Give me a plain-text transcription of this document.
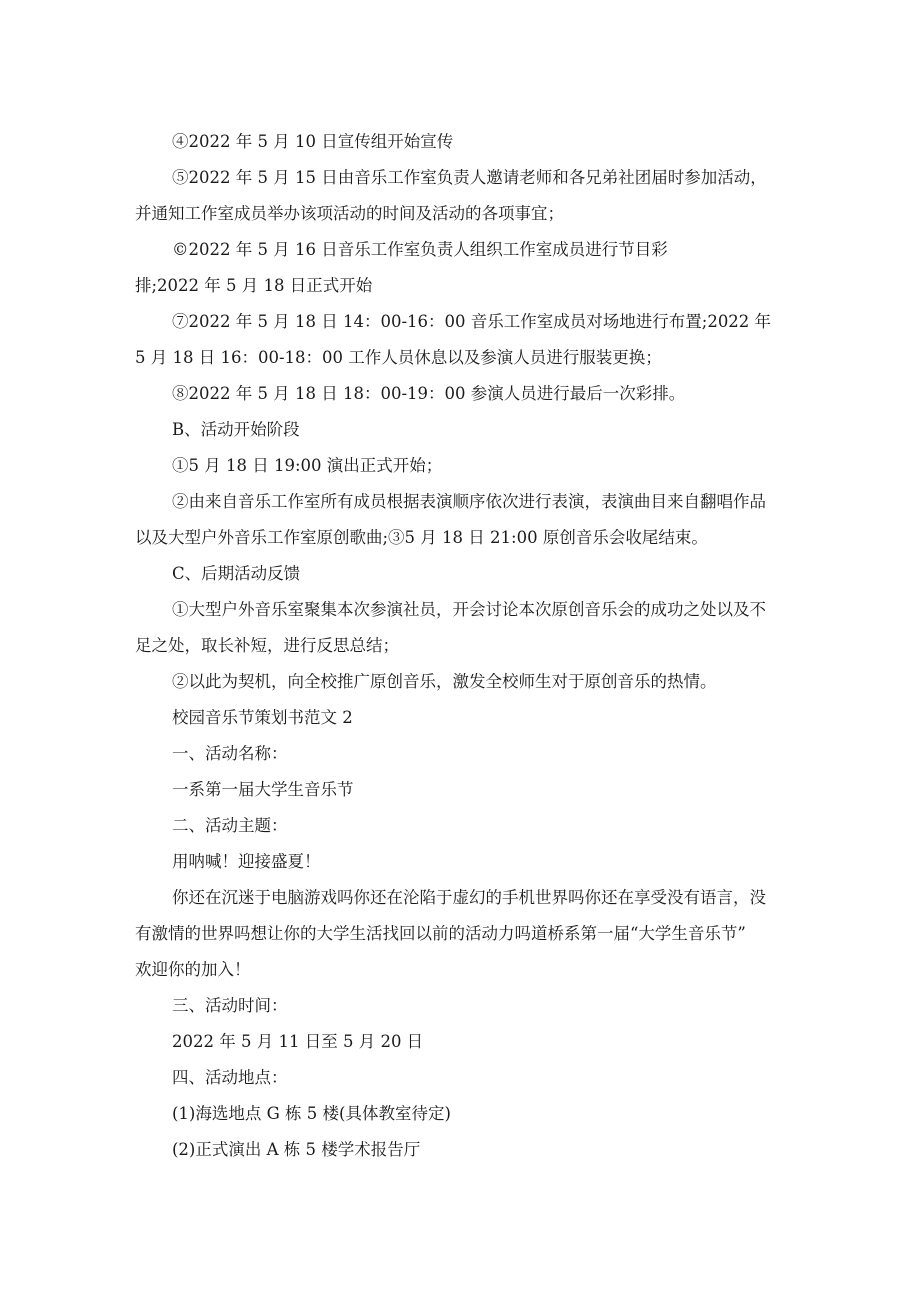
④2022 年 5 月 10 日宣传组开始宣传

⑤2022 年 5 月 15 日由音乐工作室负责人邀请老师和各兄弟社团届时参加活动，

并通知工作室成员举办该项活动的时间及活动的各项事宜；

©2022 年 5 月 16 日音乐工作室负责人组织工作室成员进行节目彩

排;2022 年 5 月 18 日正式开始

⑦2022 年 5 月 18 日 14：00-16：00 音乐工作室成员对场地进行布置;2022 年

5 月 18 日 16：00-18：00 工作人员休息以及参演人员进行服装更换；

⑧2022 年 5 月 18 日 18：00-19：00 参演人员进行最后一次彩排。

B、活动开始阶段

①5 月 18 日 19:00 演出正式开始；

②由来自音乐工作室所有成员根据表演顺序依次进行表演，表演曲目来自翻唱作品

以及大型户外音乐工作室原创歌曲;③5 月 18 日 21:00 原创音乐会收尾结束。

C、后期活动反馈

①大型户外音乐室聚集本次参演社员，开会讨论本次原创音乐会的成功之处以及不

足之处，取长补短，进行反思总结；

②以此为契机，向全校推广原创音乐，激发全校师生对于原创音乐的热情。

校园音乐节策划书范文 2

一、活动名称：

一系第一届大学生音乐节

二、活动主题：

用呐喊！迎接盛夏！

你还在沉迷于电脑游戏吗你还在沦陷于虚幻的手机世界吗你还在享受没有语言，没

有激情的世界吗想让你的大学生活找回以前的活动力吗道桥系第一届“大学生音乐节”

欢迎你的加入！

三、活动时间：

2022 年 5 月 11 日至 5 月 20 日

四、活动地点：

(1)海选地点 G 栋 5 楼(具体教室待定)

(2)正式演出 A 栋 5 楼学术报告厅
